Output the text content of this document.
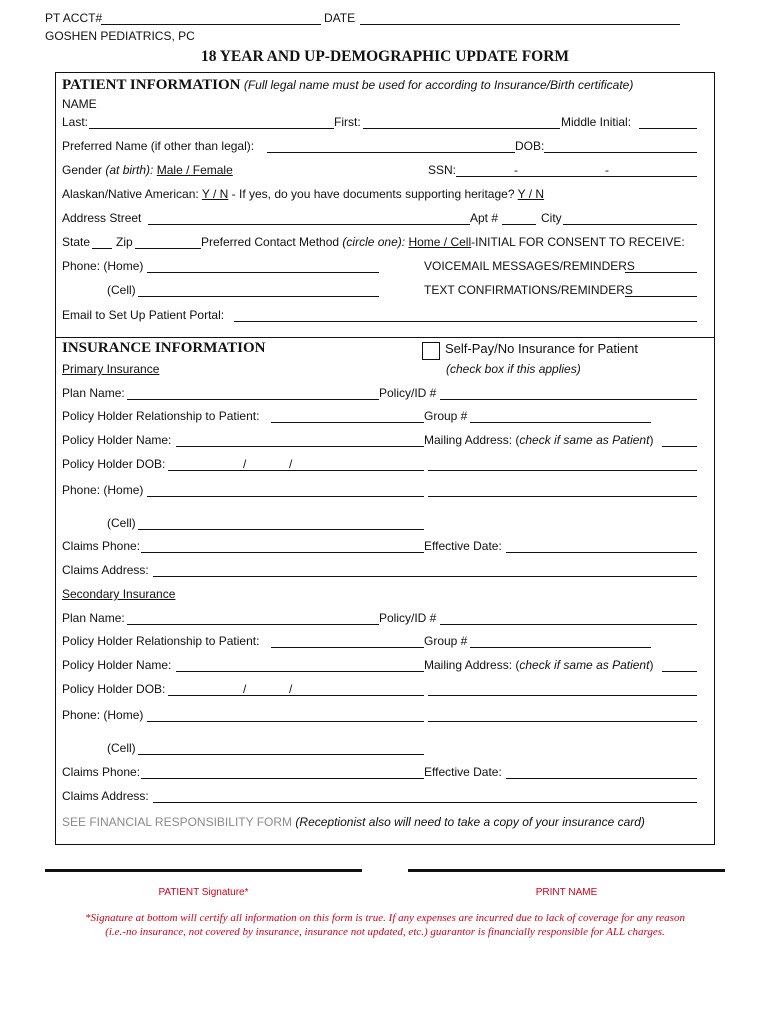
PT ACCT#	DATE
GOSHEN PEDIATRICS, PC
18 YEAR AND UP-DEMOGRAPHIC UPDATE FORM
PATIENT INFORMATION (Full legal name must be used for according to Insurance/Birth certificate)
NAME
Last:	First:	Middle Initial:
Preferred Name (if other than legal):	DOB:
Gender (at birth): Male / Female	SSN:	-	-
Alaskan/Native American: Y / N - If yes, do you have documents supporting heritage? Y / N
Address Street	Apt #	City
State Zip	Preferred Contact Method (circle one): Home / Cell-INITIAL FOR CONSENT TO RECEIVE:
Phone: (Home)	VOICEMAIL MESSAGES/REMINDERS
(Cell)	TEXT CONFIRMATIONS/REMINDERS
Email to Set Up Patient Portal:
INSURANCE INFORMATION	Self-Pay/No Insurance for Patient
(check box if this applies)
Primary Insurance
Plan Name:	Policy/ID #
Policy Holder Relationship to Patient:	Group #
Policy Holder Name:	Mailing Address: (check if same as Patient)
Policy Holder DOB:	/	/
Phone: (Home)
(Cell)
Claims Phone:	Effective Date:
Claims Address:
Secondary Insurance
Plan Name:	Policy/ID #
Policy Holder Relationship to Patient:	Group #
Policy Holder Name:	Mailing Address: (check if same as Patient)
Policy Holder DOB:	/	/
Phone: (Home)
(Cell)
Claims Phone:	Effective Date:
Claims Address:
SEE FINANCIAL RESPONSIBILITY FORM (Receptionist also will need to take a copy of your insurance card)
PATIENT Signature*	PRINT NAME
*Signature at bottom will certify all information on this form is true. If any expenses are incurred due to lack of coverage for any reason
(i.e.-no insurance, not covered by insurance, insurance not updated, etc.) guarantor is financially responsible for ALL charges.
